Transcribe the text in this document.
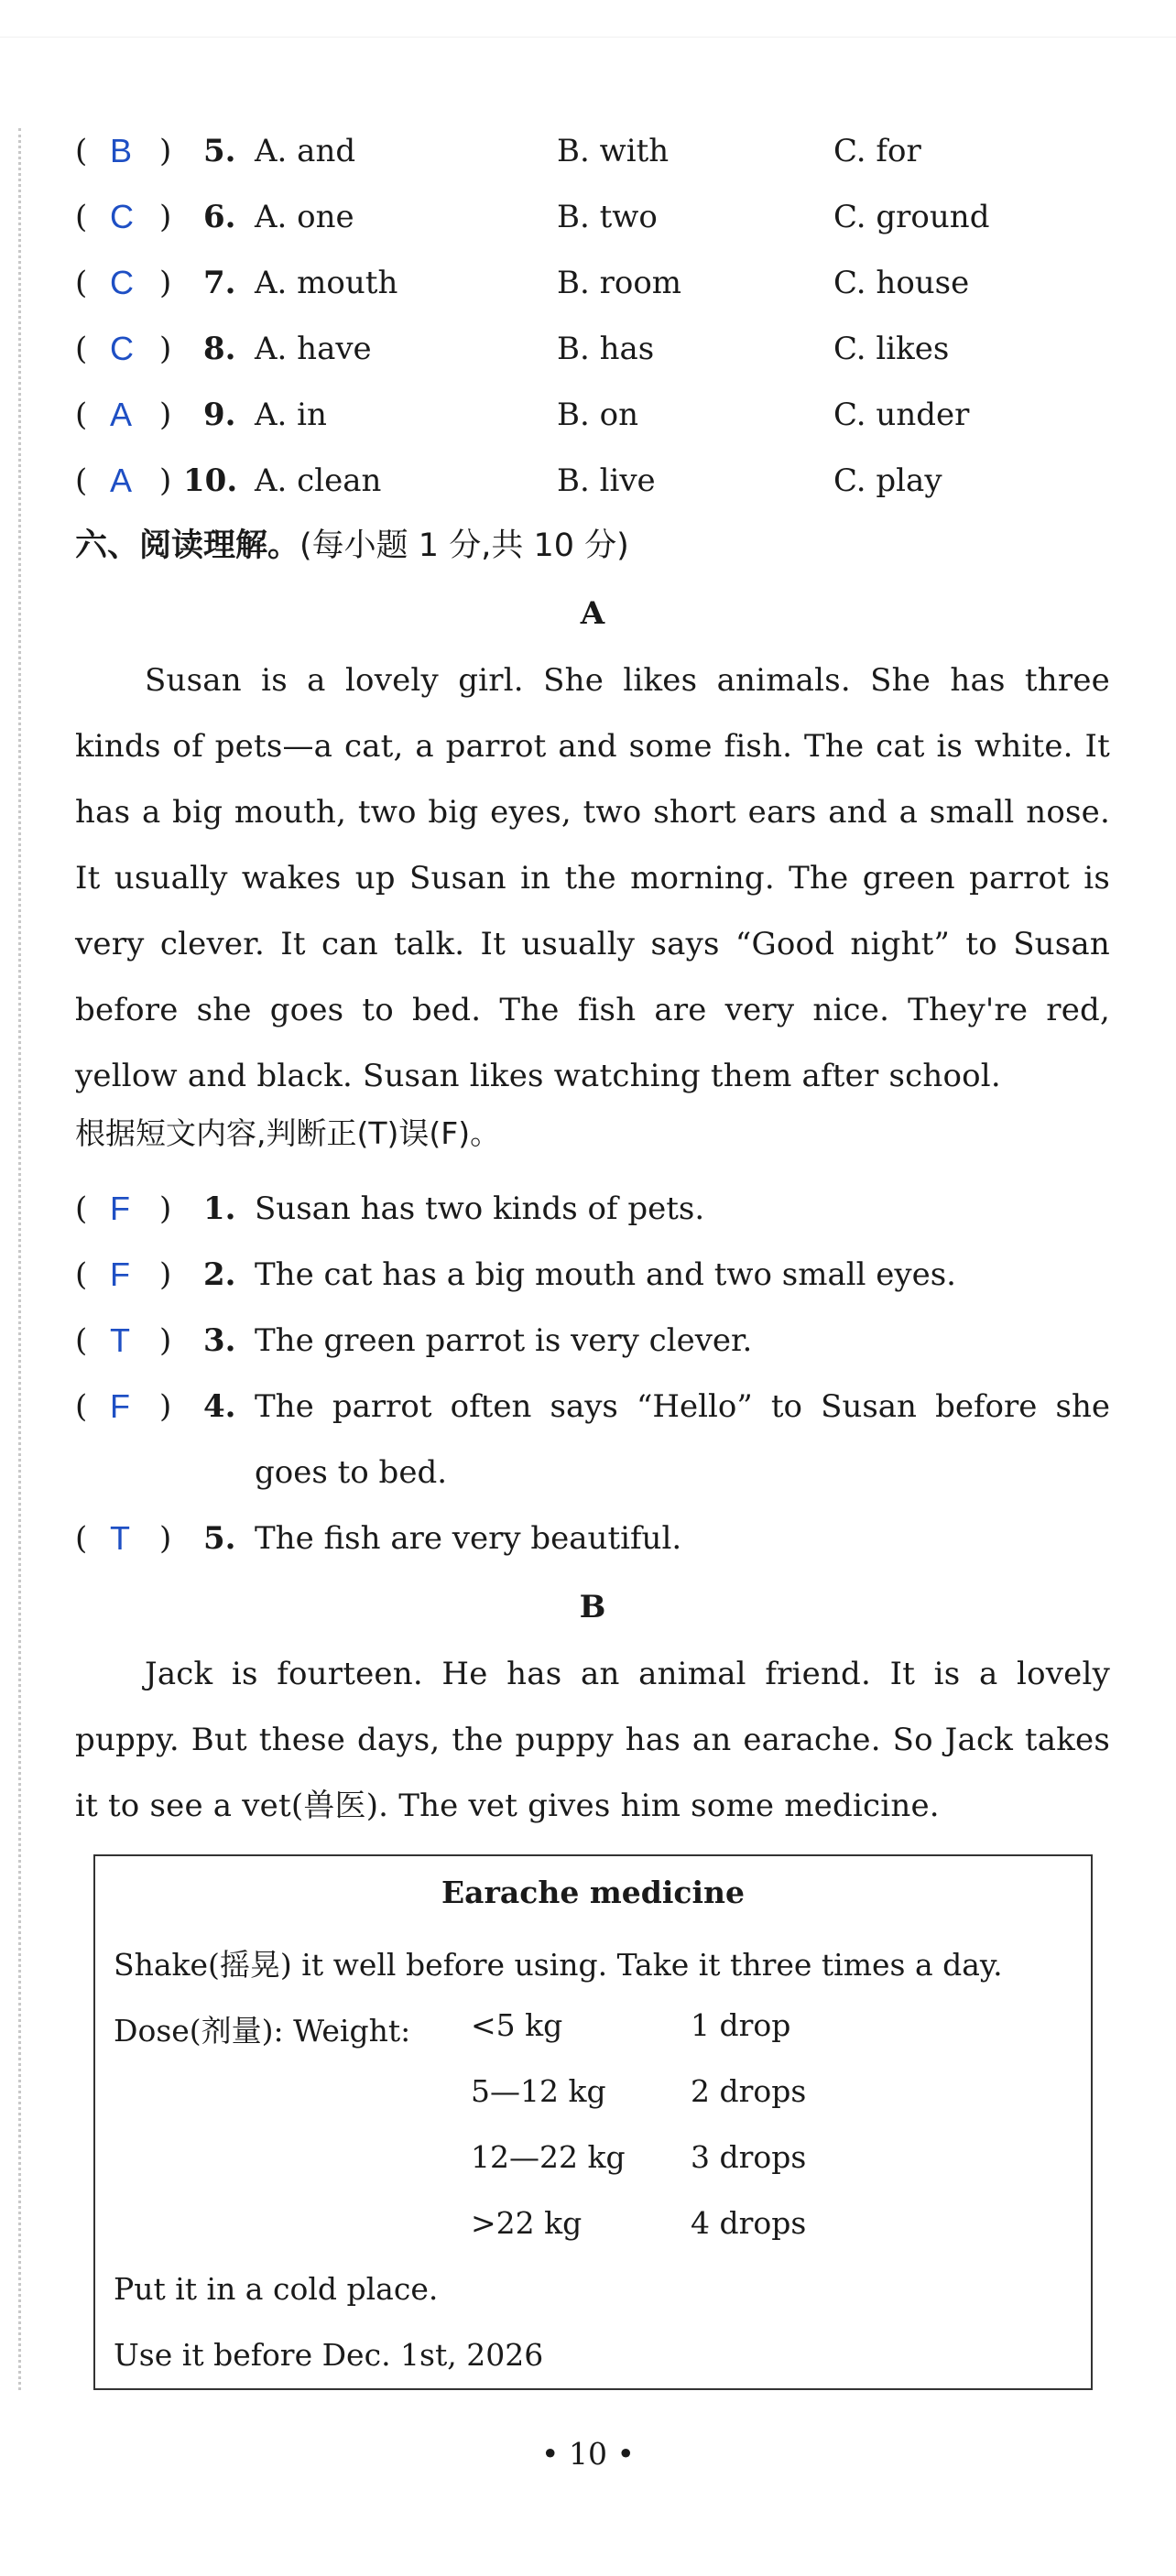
( B ) 5. A. and	B. with	C. for
( C ) 6. A. one	B. two	C. ground
( C ) 7. A. mouth	B. room	C. house
( C ) 8. A. have	B. has	C. likes
( A ) 9. A. in	B. on	C. under
( A ) 10. A. clean	B. live	C. play
六、阅读理解。(每小题 1 分,共 10 分)
A
Susan is a lovely girl. She likes animals. She has three kinds of pets—a cat, a parrot and some fish. The cat is white. It has a big mouth, two big eyes, two short ears and a small nose. It usually wakes up Susan in the morning. The green parrot is very clever. It can talk. It usually says “Good night” to Susan before she goes to bed. The fish are very nice. They're red, yellow and black. Susan likes watching them after school.
根据短文内容,判断正(T)误(F)。
( F ) 1. Susan has two kinds of pets.
( F ) 2. The cat has a big mouth and two small eyes.
( T ) 3. The green parrot is very clever.
( F ) 4. The parrot often says “Hello” to Susan before she goes to bed.
( T ) 5. The fish are very beautiful.
B
Jack is fourteen. He has an animal friend. It is a lovely puppy. But these days, the puppy has an earache. So Jack takes it to see a vet(兽医). The vet gives him some medicine.
Earache medicine
Shake(摇晃) it well before using. Take it three times a day.
Dose(剂量): Weight: <5 kg	1 drop
5—12 kg	2 drops
12—22 kg 3 drops
>22 kg	4 drops
Put it in a cold place.
Use it before Dec. 1st, 2026
• 10 •
